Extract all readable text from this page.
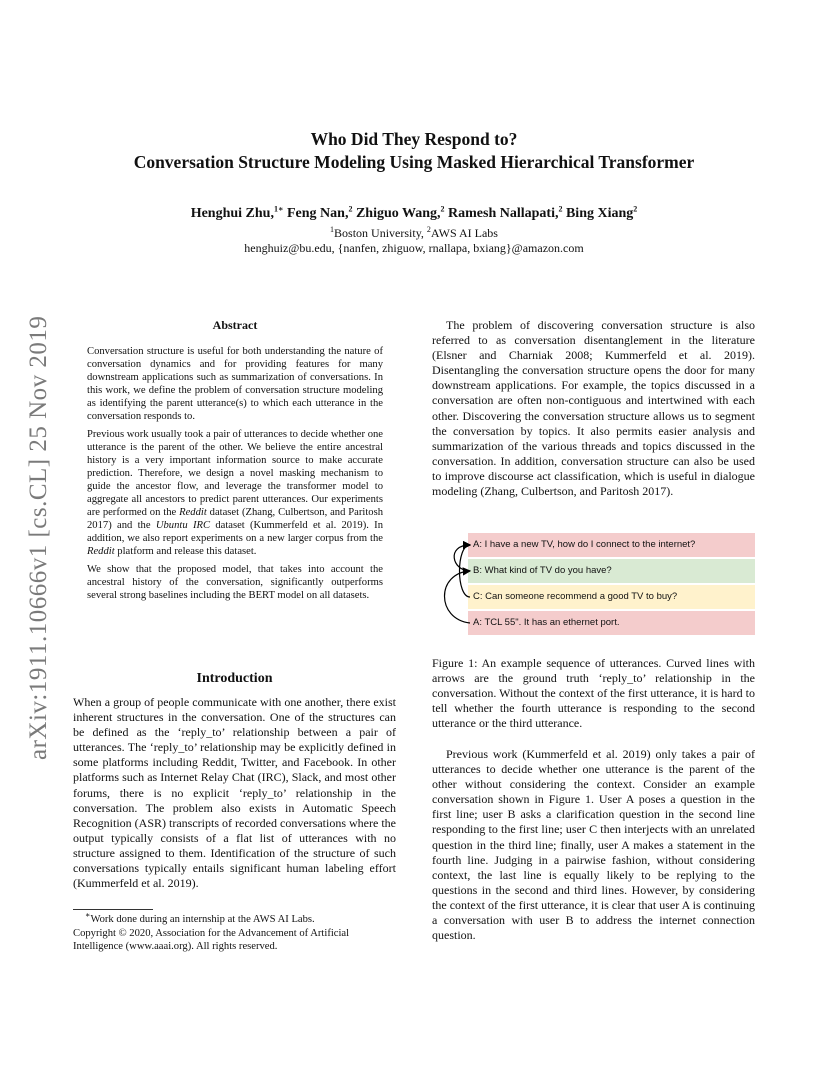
arXiv:1911.10666v1 [cs.CL] 25 Nov 2019
Who Did They Respond to?
Conversation Structure Modeling Using Masked Hierarchical Transformer
Henghui Zhu,$^{1∗}$ Feng Nan,$^2$ Zhiguo Wang,$^2$ Ramesh Nallapati,$^2$ Bing Xiang$^2$
$^1$Boston University, $^2$AWS AI Labs
henghuiz@bu.edu, {nanfen, zhiguow, rnallapa, bxiang}@amazon.com
Abstract

Conversation structure is useful for both understanding the nature of conversation dynamics and for providing features for many downstream applications such as summarization of conversations. In this work, we define the problem of conversation structure modeling as identifying the parent utterance(s) to which each utterance in the conversation responds to.

Previous work usually took a pair of utterances to decide whether one utterance is the parent of the other. We believe the entire ancestral history is a very important information source to make accurate prediction. Therefore, we design a novel masking mechanism to guide the ancestor flow, and leverage the transformer model to aggregate all ancestors to predict parent utterances. Our experiments are performed on the Reddit dataset (Zhang, Culbertson, and Paritosh 2017) and the Ubuntu IRC dataset (Kummerfeld et al. 2019). In addition, we also report experiments on a new larger corpus from the Reddit platform and release this dataset.

We show that the proposed model, that takes into account the ancestral history of the conversation, significantly outperforms several strong baselines including the BERT model on all datasets.

Introduction

When a group of people communicate with one another, there exist inherent structures in the conversation. One of the structures can be defined as the ‘reply_to’ relationship between a pair of utterances. The ‘reply_to’ relationship may be explicitly defined in some platforms including Reddit, Twitter, and Facebook. In other platforms such as Internet Relay Chat (IRC), Slack, and most other forums, there is no explicit ‘reply_to’ relationship in the conversation. The problem also exists in Automatic Speech Recognition (ASR) transcripts of recorded conversations where the output typically consists of a flat list of utterances with no structure assigned to them. Identification of the structure of such conversations typically entails significant human labeling effort (Kummerfeld et al. 2019).

∗Work done during an internship at the AWS AI Labs.

Copyright © 2020, Association for the Advancement of Artificial Intelligence (www.aaai.org). All rights reserved.

The problem of discovering conversation structure is also referred to as conversation disentanglement in the literature (Elsner and Charniak 2008; Kummerfeld et al. 2019). Disentangling the conversation structure opens the door for many downstream applications. For example, the topics discussed in a conversation are often non-contiguous and intertwined with each other. Discovering the conversation structure allows us to segment the conversation by topics. It also permits easier analysis and summarization of the various threads and topics discussed in the conversation. In addition, conversation structure can also be used to improve discourse act classification, which is useful in dialogue modeling (Zhang, Culbertson, and Paritosh 2017).

A: I have a new TV, how do I connect to the internet?
B: What kind of TV do you have?
C: Can someone recommend a good TV to buy?
A: TCL 55". It has an ethernet port.

Figure 1: An example sequence of utterances. Curved lines with arrows are the ground truth ‘reply_to’ relationship in the conversation. Without the context of the first utterance, it is hard to tell whether the fourth utterance is responding to the second utterance or the third utterance.

Previous work (Kummerfeld et al. 2019) only takes a pair of utterances to decide whether one utterance is the parent of the other without considering the context. Consider an example conversation shown in Figure 1. User A poses a question in the first line; user B asks a clarification question in the second line responding to the first line; user C then interjects with an unrelated question in the third line; finally, user A makes a statement in the fourth line. Judging in a pairwise fashion, without considering context, the last line is equally likely to be replying to the questions in the second and third lines. However, by considering the context of the first utterance, it is clear that user A is continuing a conversation with user B to address the internet connection question.
